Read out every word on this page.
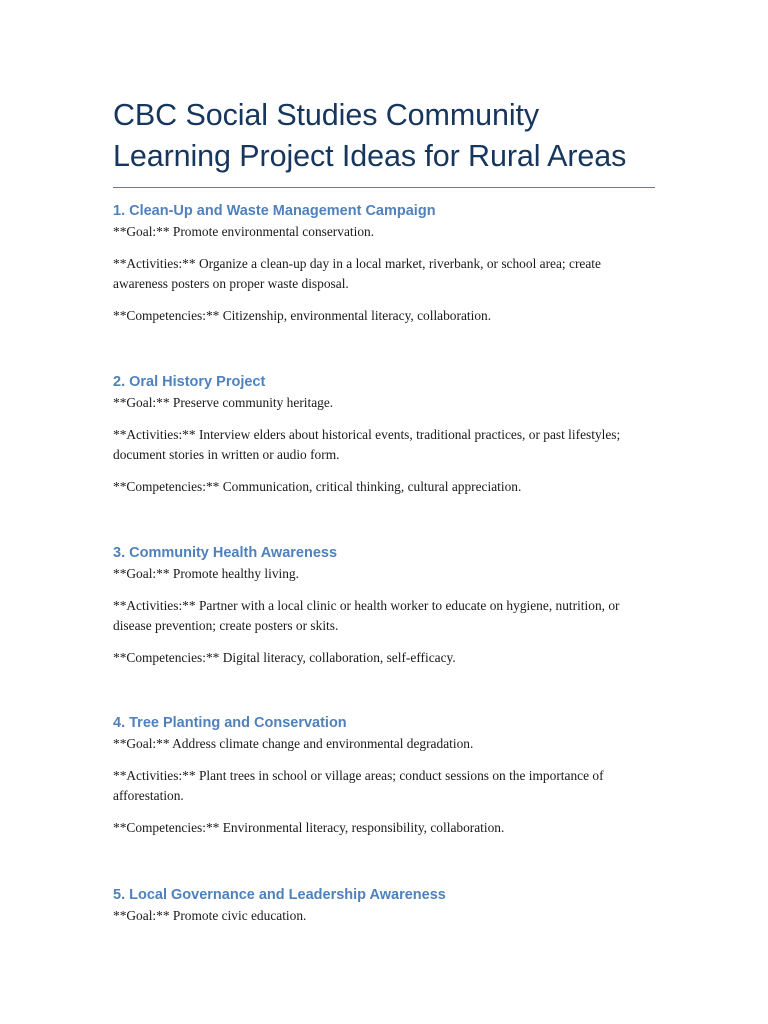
CBC Social Studies Community Learning Project Ideas for Rural Areas
1. Clean-Up and Waste Management Campaign

**Goal:** Promote environmental conservation.

**Activities:** Organize a clean-up day in a local market, riverbank, or school area; create awareness posters on proper waste disposal.

**Competencies:** Citizenship, environmental literacy, collaboration.

2. Oral History Project

**Goal:** Preserve community heritage.

**Activities:** Interview elders about historical events, traditional practices, or past lifestyles; document stories in written or audio form.

**Competencies:** Communication, critical thinking, cultural appreciation.

3. Community Health Awareness

**Goal:** Promote healthy living.

**Activities:** Partner with a local clinic or health worker to educate on hygiene, nutrition, or disease prevention; create posters or skits.

**Competencies:** Digital literacy, collaboration, self-efficacy.

4. Tree Planting and Conservation

**Goal:** Address climate change and environmental degradation.

**Activities:** Plant trees in school or village areas; conduct sessions on the importance of afforestation.

**Competencies:** Environmental literacy, responsibility, collaboration.

5. Local Governance and Leadership Awareness

**Goal:** Promote civic education.
